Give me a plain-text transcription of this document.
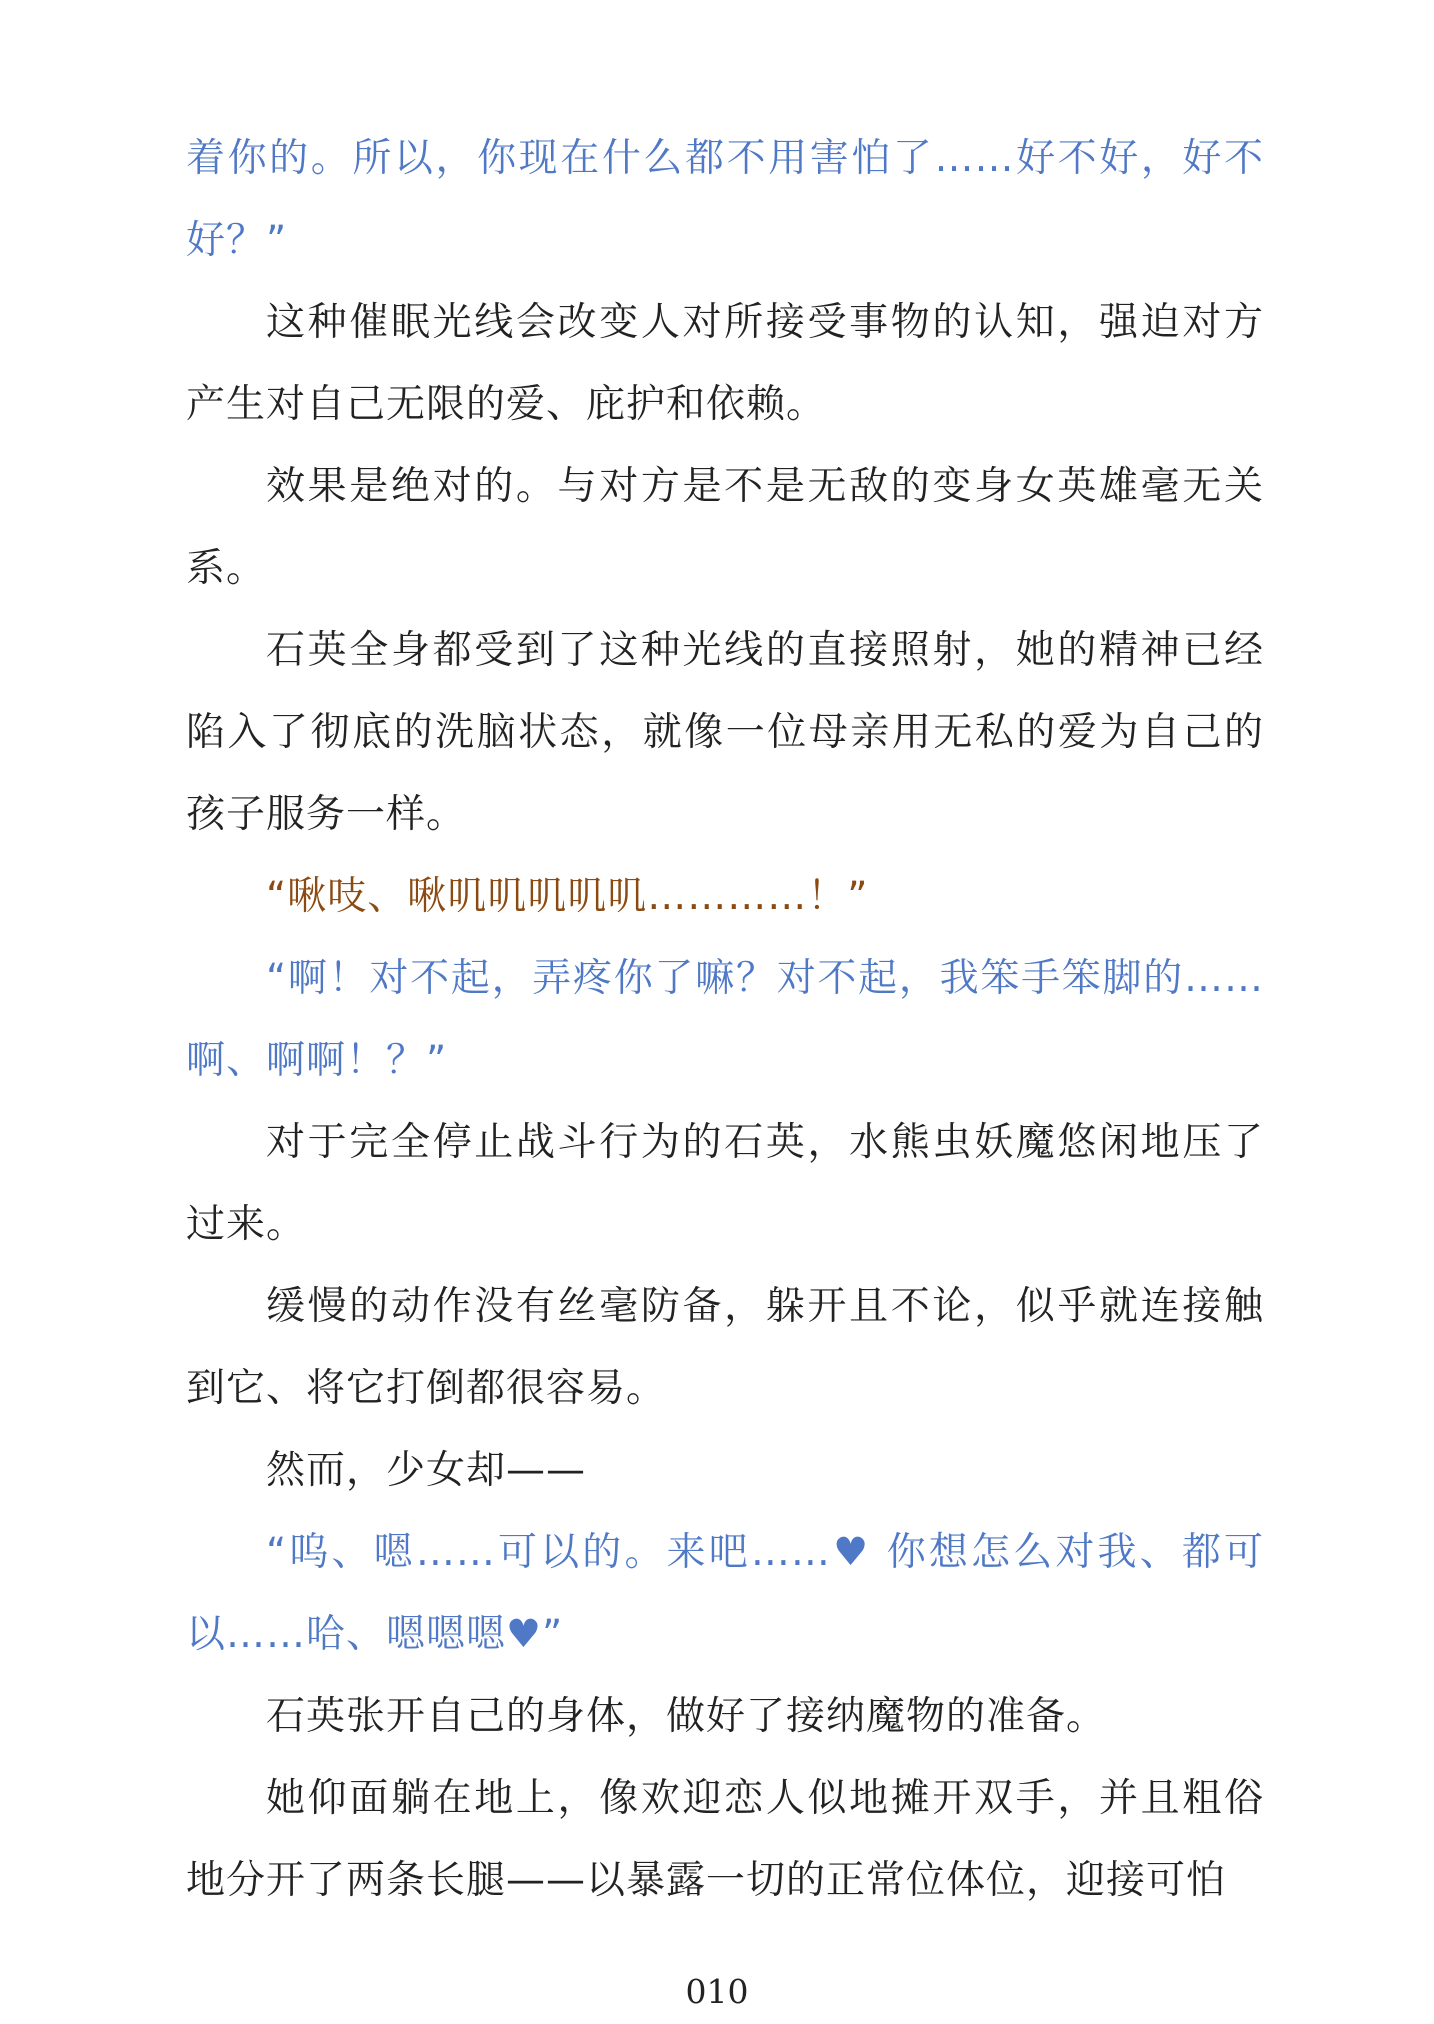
着你的。所以，你现在什么都不用害怕了……好不好，好不好？”

这种催眠光线会改变人对所接受事物的认知，强迫对方产生对自己无限的爱、庇护和依赖。

效果是绝对的。与对方是不是无敌的变身女英雄毫无关系。

石英全身都受到了这种光线的直接照射，她的精神已经陷入了彻底的洗脑状态，就像一位母亲用无私的爱为自己的孩子服务一样。

“啾吱、啾叽叽叽叽叽…………！”

“啊！对不起，弄疼你了嘛？对不起，我笨手笨脚的……啊、啊啊！？”

对于完全停止战斗行为的石英，水熊虫妖魔悠闲地压了过来。

缓慢的动作没有丝毫防备，躲开且不论，似乎就连接触到它、将它打倒都很容易。

然而，少女却——

“呜、嗯……可以的。来吧……♥ 你想怎么对我、都可以……哈、嗯嗯嗯♥”

石英张开自己的身体，做好了接纳魔物的准备。

她仰面躺在地上，像欢迎恋人似地摊开双手，并且粗俗地分开了两条长腿——以暴露一切的正常位体位，迎接可怕

010
